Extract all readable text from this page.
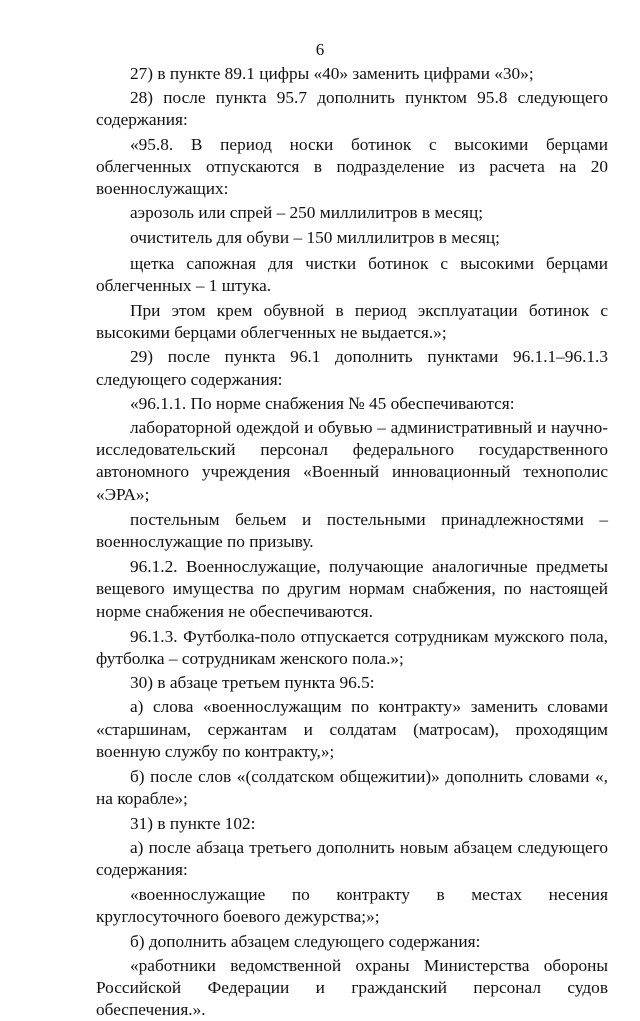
6

27) в пункте 89.1 цифры «40» заменить цифрами «30»;

28) после пункта 95.7 дополнить пунктом 95.8 следующего содержания:

«95.8. В период носки ботинок с высокими берцами облегченных отпускаются в подразделение из расчета на 20 военнослужащих:

аэрозоль или спрей – 250 миллилитров в месяц;

очиститель для обуви – 150 миллилитров в месяц;

щетка сапожная для чистки ботинок с высокими берцами облегченных – 1 штука.

При этом крем обувной в период эксплуатации ботинок с высокими берцами облегченных не выдается.»;

29) после пункта 96.1 дополнить пунктами 96.1.1–96.1.3 следующего содержания:

«96.1.1. По норме снабжения № 45 обеспечиваются:

лабораторной одеждой и обувью – административный и научно-исследовательский персонал федерального государственного автономного учреждения «Военный инновационный технополис «ЭРА»;

постельным бельем и постельными принадлежностями – военнослужащие по призыву.

96.1.2. Военнослужащие, получающие аналогичные предметы вещевого имущества по другим нормам снабжения, по настоящей норме снабжения не обеспечиваются.

96.1.3. Футболка-поло отпускается сотрудникам мужского пола, футболка – сотрудникам женского пола.»;

30) в абзаце третьем пункта 96.5:

а) слова «военнослужащим по контракту» заменить словами «старшинам, сержантам и солдатам (матросам), проходящим военную службу по контракту,»;

б) после слов «(солдатском общежитии)» дополнить словами «, на корабле»;

31) в пункте 102:

а) после абзаца третьего дополнить новым абзацем следующего содержания:

«военнослужащие по контракту в местах несения круглосуточного боевого дежурства;»;

б) дополнить абзацем следующего содержания:

«работники ведомственной охраны Министерства обороны Российской Федерации и гражданский персонал судов обеспечения.».
